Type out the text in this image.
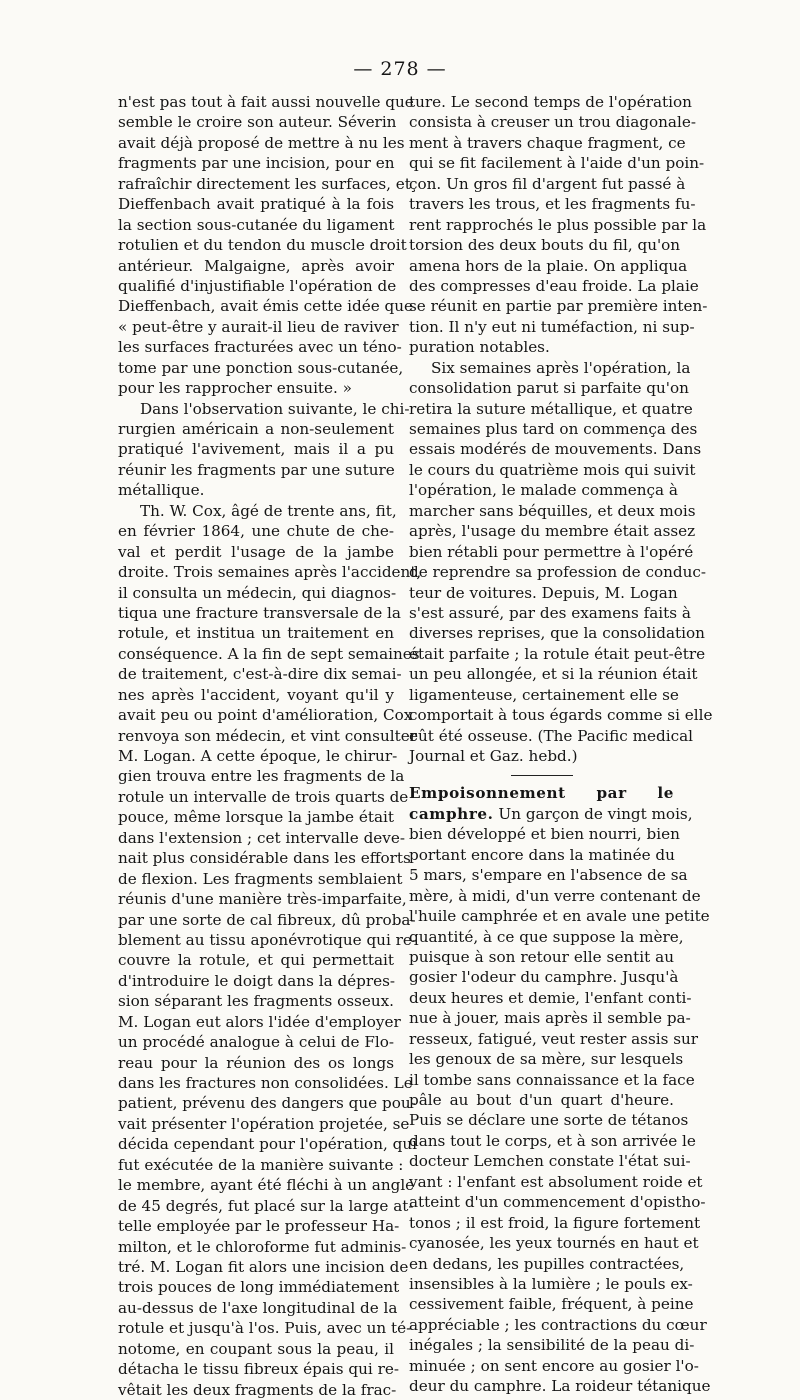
— 278 —
n'est pas tout à fait aussi nouvelle que
semble le croire son auteur. Séverin
avait déjà proposé de mettre à nu les
fragments par une incision, pour en
rafraîchir directement les surfaces, et
Dieffenbach avait pratiqué à la fois
la section sous-cutanée du ligament
rotulien et du tendon du muscle droit
antérieur. Malgaigne, après avoir
qualifié d'injustifiable l'opération de
Dieffenbach, avait émis cette idée que
« peut-être y aurait-il lieu de raviver
les surfaces fracturées avec un téno-
tome par une ponction sous-cutanée,
pour les rapprocher ensuite. »
Dans l'observation suivante, le chi-
rurgien américain a non-seulement
pratiqué l'avivement, mais il a pu
réunir les fragments par une suture
métallique.
Th. W. Cox, âgé de trente ans, fit,
en février 1864, une chute de che-
val et perdit l'usage de la jambe
droite. Trois semaines après l'accident,
il consulta un médecin, qui diagnos-
tiqua une fracture transversale de la
rotule, et institua un traitement en
conséquence. A la fin de sept semaines
de traitement, c'est-à-dire dix semai-
nes après l'accident, voyant qu'il y
avait peu ou point d'amélioration, Cox
renvoya son médecin, et vint consulter
M. Logan. A cette époque, le chirur-
gien trouva entre les fragments de la
rotule un intervalle de trois quarts de
pouce, même lorsque la jambe était
dans l'extension ; cet intervalle deve-
nait plus considérable dans les efforts
de flexion. Les fragments semblaient
réunis d'une manière très-imparfaite,
par une sorte de cal fibreux, dû proba-
blement au tissu aponévrotique qui re-
couvre la rotule, et qui permettait
d'introduire le doigt dans la dépres-
sion séparant les fragments osseux.
M. Logan eut alors l'idée d'employer
un procédé analogue à celui de Flo-
reau pour la réunion des os longs
dans les fractures non consolidées. Le
patient, prévenu des dangers que pou-
vait présenter l'opération projetée, se
décida cependant pour l'opération, qui
fut exécutée de la manière suivante :
le membre, ayant été fléchi à un angle
de 45 degrés, fut placé sur la large at-
telle employée par le professeur Ha-
milton, et le chloroforme fut adminis-
tré. M. Logan fit alors une incision de
trois pouces de long immédiatement
au-dessus de l'axe longitudinal de la
rotule et jusqu'à l'os. Puis, avec un té-
notome, en coupant sous la peau, il
détacha le tissu fibreux épais qui re-
vêtait les deux fragments de la frac-
ture. Le second temps de l'opération
consista à creuser un trou diagonale-
ment à travers chaque fragment, ce
qui se fit facilement à l'aide d'un poin-
çon. Un gros fil d'argent fut passé à
travers les trous, et les fragments fu-
rent rapprochés le plus possible par la
torsion des deux bouts du fil, qu'on
amena hors de la plaie. On appliqua
des compresses d'eau froide. La plaie
se réunit en partie par première inten-
tion. Il n'y eut ni tuméfaction, ni sup-
puration notables.
Six semaines après l'opération, la
consolidation parut si parfaite qu'on
retira la suture métallique, et quatre
semaines plus tard on commença des
essais modérés de mouvements. Dans
le cours du quatrième mois qui suivit
l'opération, le malade commença à
marcher sans béquilles, et deux mois
après, l'usage du membre était assez
bien rétabli pour permettre à l'opéré
de reprendre sa profession de conduc-
teur de voitures. Depuis, M. Logan
s'est assuré, par des examens faits à
diverses reprises, que la consolidation
était parfaite ; la rotule était peut-être
un peu allongée, et si la réunion était
ligamenteuse, certainement elle se
comportait à tous égards comme si elle
eût été osseuse. (The Pacific medical
Journal et Gaz. hebd.)
Empoisonnement par le
camphre. Un garçon de vingt mois,
bien développé et bien nourri, bien
portant encore dans la matinée du
5 mars, s'empare en l'absence de sa
mère, à midi, d'un verre contenant de
l'huile camphrée et en avale une petite
quantité, à ce que suppose la mère,
puisque à son retour elle sentit au
gosier l'odeur du camphre. Jusqu'à
deux heures et demie, l'enfant conti-
nue à jouer, mais après il semble pa-
resseux, fatigué, veut rester assis sur
les genoux de sa mère, sur lesquels
il tombe sans connaissance et la face
pâle au bout d'un quart d'heure.
Puis se déclare une sorte de tétanos
dans tout le corps, et à son arrivée le
docteur Lemchen constate l'état sui-
vant : l'enfant est absolument roide et
atteint d'un commencement d'opistho-
tonos ; il est froid, la figure fortement
cyanosée, les yeux tournés en haut et
en dedans, les pupilles contractées,
insensibles à la lumière ; le pouls ex-
cessivement faible, fréquent, à peine
appréciable ; les contractions du cœur
inégales ; la sensibilité de la peau di-
minuée ; on sent encore au gosier l'o-
deur du camphre. La roideur tétanique
